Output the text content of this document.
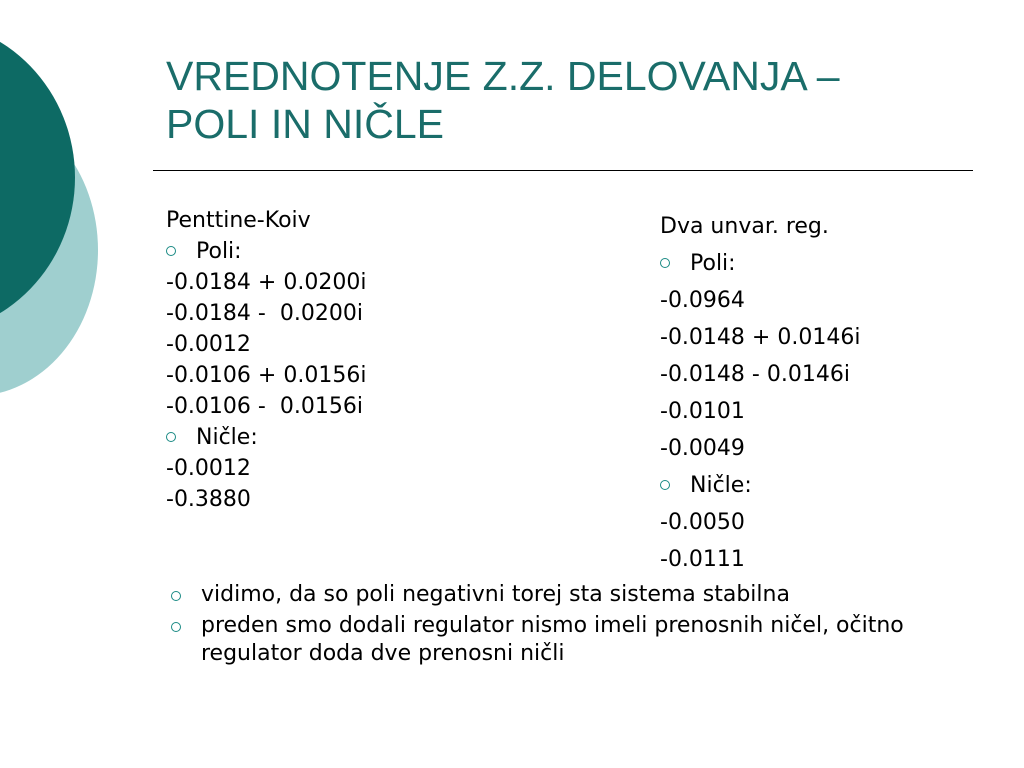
VREDNOTENJE Z.Z. DELOVANJA –
POLI IN NIČLE
Penttine-Koiv
Poli:
-0.0184 + 0.0200i
-0.0184 -  0.0200i
-0.0012
-0.0106 + 0.0156i
-0.0106 -  0.0156i
Ničle:
-0.0012
-0.3880
Dva unvar. reg.
Poli:
-0.0964
-0.0148 + 0.0146i
-0.0148 - 0.0146i
-0.0101
-0.0049
Ničle:
-0.0050
-0.0111
vidimo, da so poli negativni torej sta sistema stabilna
preden smo dodali regulator nismo imeli prenosnih ničel, očitno regulator doda dve prenosni ničli
